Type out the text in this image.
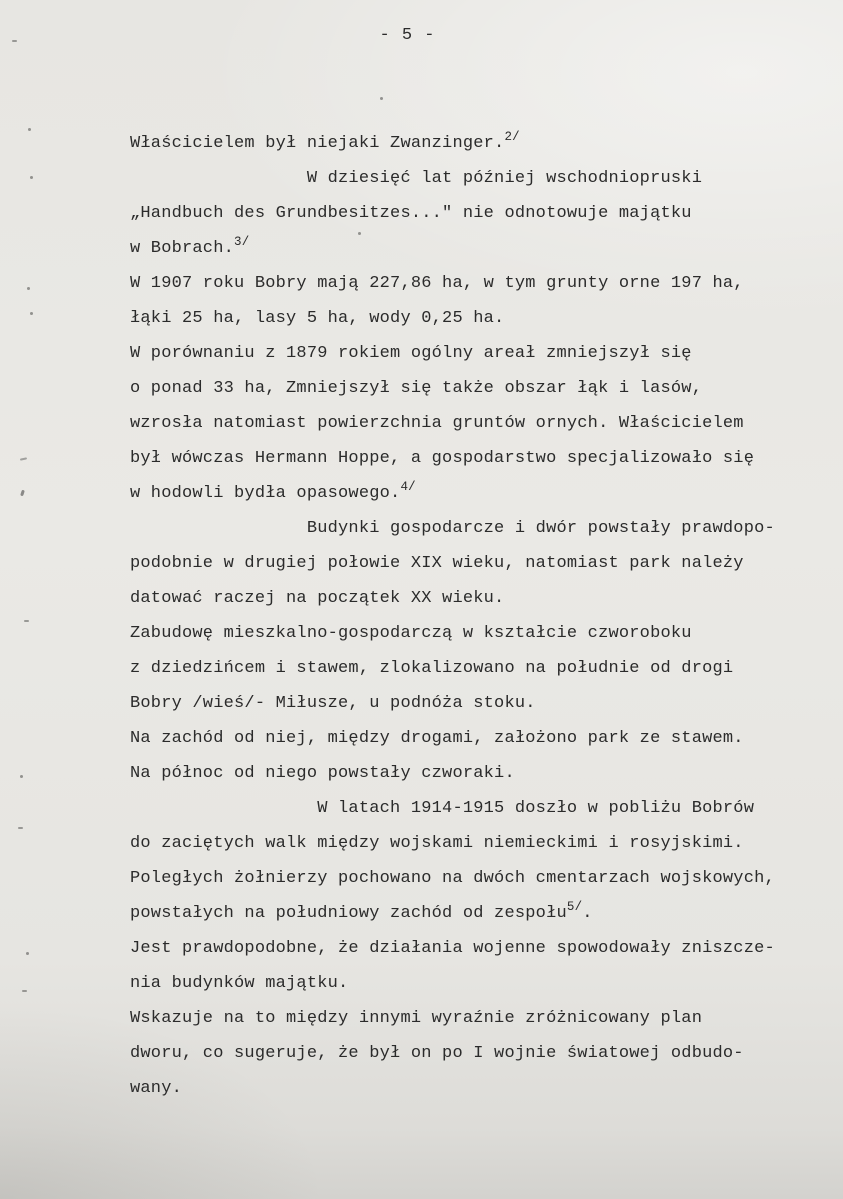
- 5 -
Właścicielem był niejaki Zwanzinger.2/
W dziesięć lat później wschodniopruski
„Handbuch des Grundbesitzes..." nie odnotowuje majątku
w Bobrach.3/
W 1907 roku Bobry mają 227,86 ha, w tym grunty orne 197 ha,
łąki 25 ha, lasy 5 ha, wody 0,25 ha.
W porównaniu z 1879 rokiem ogólny areał zmniejszył się
o ponad 33 ha, Zmniejszył się także obszar łąk i lasów,
wzrosła natomiast powierzchnia gruntów ornych. Właścicielem
był wówczas Hermann Hoppe, a gospodarstwo specjalizowało się
w hodowli bydła opasowego.4/
Budynki gospodarcze i dwór powstały prawdopo-
podobnie w drugiej połowie XIX wieku, natomiast park należy
datować raczej na początek XX wieku.
Zabudowę mieszkalno-gospodarczą w kształcie czworoboku
z dziedzińcem i stawem, zlokalizowano na południe od drogi
Bobry /wieś/- Miłusze, u podnóża stoku.
Na zachód od niej, między drogami, założono park ze stawem.
Na północ od niego powstały czworaki.
W latach 1914-1915 doszło w pobliżu Bobrów
do zaciętych walk między wojskami niemieckimi i rosyjskimi.
Poległych żołnierzy pochowano na dwóch cmentarzach wojskowych,
powstałych na południowy zachód od zespołu5/.
Jest prawdopodobne, że działania wojenne spowodowały zniszcze-
nia budynków majątku.
Wskazuje na to między innymi wyraźnie zróżnicowany plan
dworu, co sugeruje, że był on po I wojnie światowej odbudo-
wany.
